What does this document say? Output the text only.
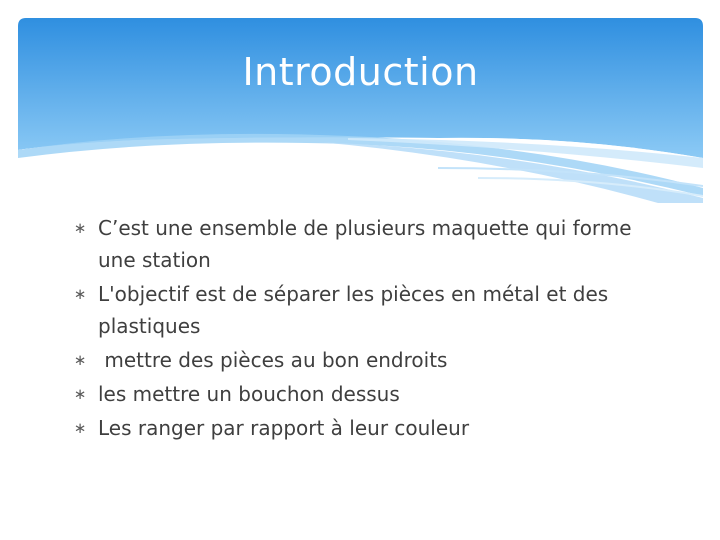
Introduction
∗ C’est une ensemble de plusieurs maquette qui forme une station
∗ L'objectif est de séparer les pièces en métal et des plastiques
∗ mettre des pièces au bon endroits
∗ les mettre un bouchon dessus
∗ Les ranger par rapport à leur couleur
